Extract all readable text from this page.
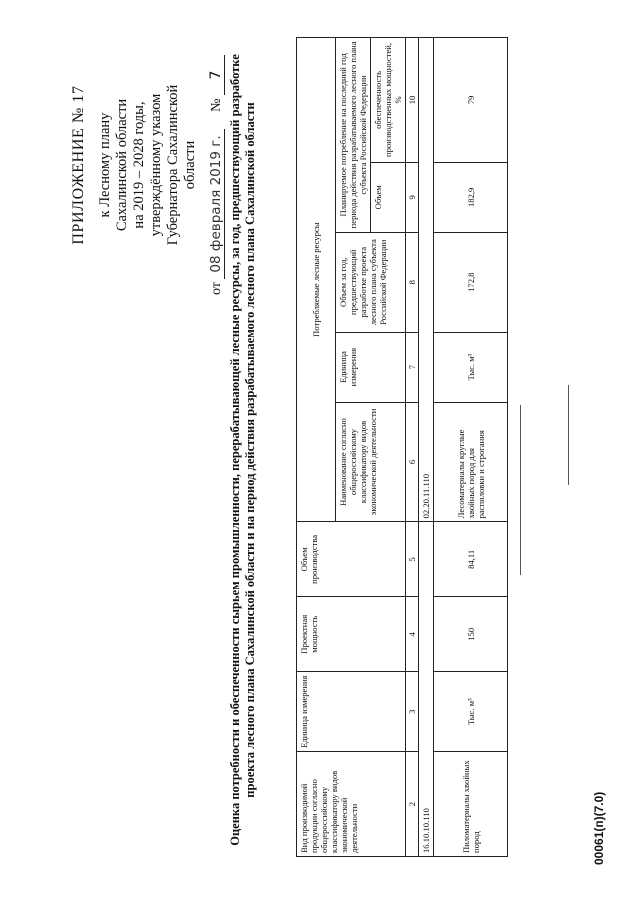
ПРИЛОЖЕНИЕ № 17 к Лесному плану Сахалинской области на 2019 – 2028 годы, утверждённому указом Губернатора Сахалинской области
от 08 февраля 2019 г.     № 7 Оценка потребности и обеспеченности сырьем промышленности, перерабатывающей лесные ресурсы, за год, предшествующий разработке проекта лесного плана Сахалинской области и на период действия разрабатываемого лесного плана Сахалинской области
Вид производимой продукции согласно общероссийскому классификатору видов экономической деятельности	Единица измерения	Проектная мощность	Объем производства	Потребляемые лесные ресурсы				
				Наименование согласно общероссийскому классификатору видов экономической деятельности	Единица измерения	Объем за год, предшествующий разработке проекта лесного плана субъекта Российской Федерации	Планируемое потребление на последний год периода действия разрабатываемого лесного плана субъекта Российской Федерации	
							Объем	обеспеченность производственных мощностей, %
2	3	4	5	6	7	8	9	10
16.10.10.110				02.20.11.110				
Пиломатериалы хвойных пород	Тыс. м³	150	84,11	Лесоматериалы круглые хвойных пород для распиловки и строгания	Тыс. м³	172,8	182,9	79
00061(п)(7.0)
